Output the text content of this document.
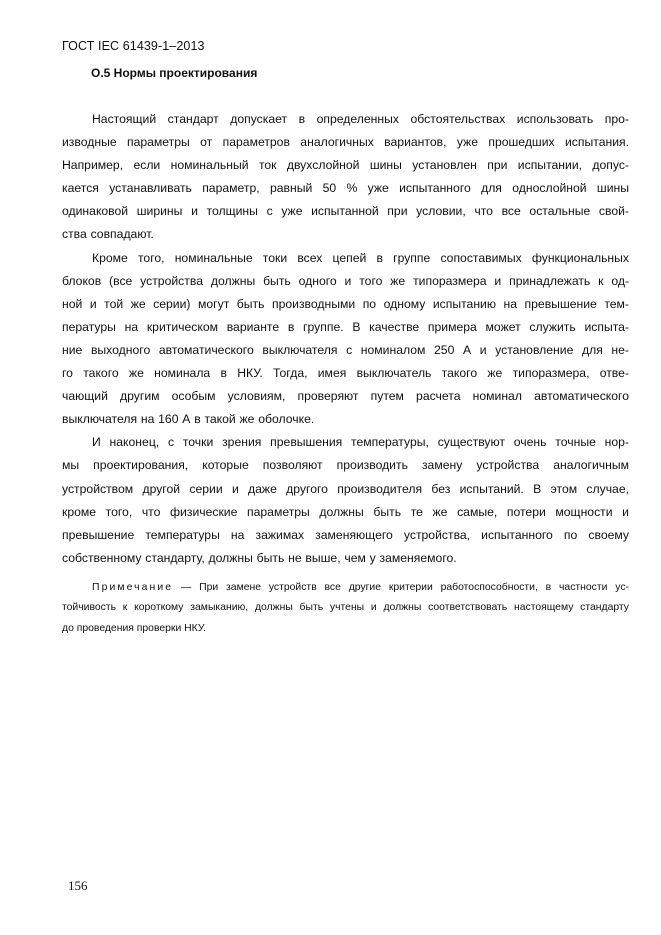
ГОСТ IEC 61439-1–2013
О.5 Нормы проектирования
Настоящий стандарт допускает в определенных обстоятельствах использовать про-
изводные параметры от параметров аналогичных вариантов, уже прошедших испытания.
Например, если номинальный ток двухслойной шины установлен при испытании, допус-
кается устанавливать параметр, равный 50 % уже испытанного для однослойной шины
одинаковой ширины и толщины с уже испытанной при условии, что все остальные свой-
ства совпадают.
Кроме того, номинальные токи всех цепей в группе сопоставимых функциональных
блоков (все устройства должны быть одного и того же типоразмера и принадлежать к од-
ной и той же серии) могут быть производными по одному испытанию на превышение тем-
пературы на критическом варианте в группе. В качестве примера может служить испыта-
ние выходного автоматического выключателя с номиналом 250 А и установление для не-
го такого же номинала в НКУ. Тогда, имея выключатель такого же типоразмера, отве-
чающий другим особым условиям, проверяют путем расчета номинал автоматического
выключателя на 160 А в такой же оболочке.
И наконец, с точки зрения превышения температуры, существуют очень точные нор-
мы проектирования, которые позволяют производить замену устройства аналогичным
устройством другой серии и даже другого производителя без испытаний. В этом случае,
кроме того, что физические параметры должны быть те же самые, потери мощности и
превышение температуры на зажимах заменяющего устройства, испытанного по своему
собственному стандарту, должны быть не выше, чем у заменяемого.
Примечание — При замене устройств все другие критерии работоспособности, в частности ус-
тойчивость к короткому замыканию, должны быть учтены и должны соответствовать настоящему стандарту
до проведения проверки НКУ.
156
